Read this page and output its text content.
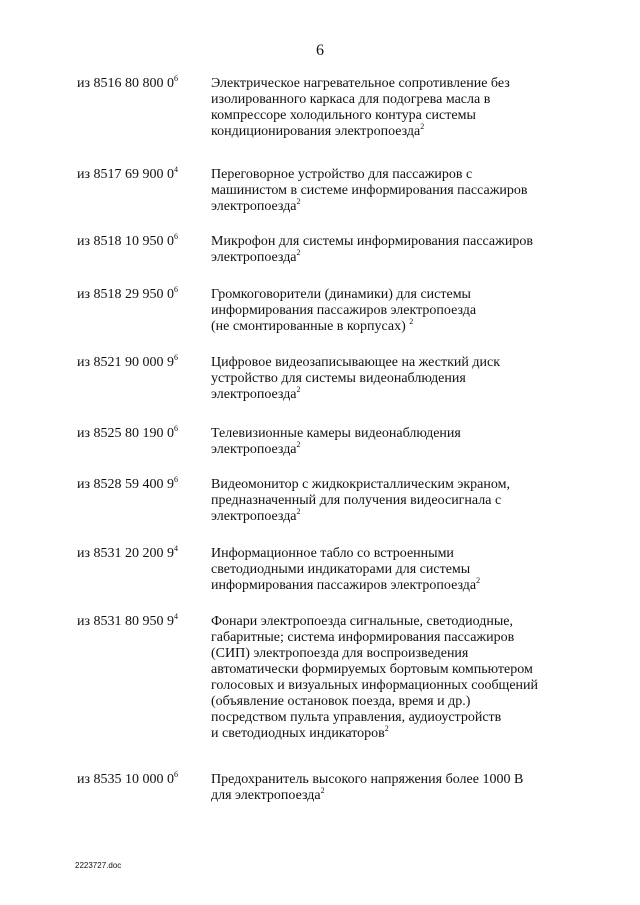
6
из 8516 80 800 $0^6$ Электрическое нагревательное сопротивление без
изолированного каркаса для подогрева масла в
компрессоре холодильного контура системы
кондиционирования электропоезда$^2$
из 8517 69 900 $0^4$ Переговорное устройство для пассажиров с
машинистом в системе информирования пассажиров
электропоезда$^2$
из 8518 10 950 $0^6$ Микрофон для системы информирования пассажиров
электропоезда$^2$
из 8518 29 950 $0^6$ Громкоговорители (динамики) для системы
информирования пассажиров электропоезда
(не смонтированные в корпусах) $^2$
из 8521 90 000 $9^6$ Цифровое видеозаписывающее на жесткий диск
устройство для системы видеонаблюдения
электропоезда$^2$
из 8525 80 190 $0^6$ Телевизионные камеры видеонаблюдения
электропоезда$^2$
из 8528 59 400 $9^6$ Видеомонитор с жидкокристаллическим экраном,
предназначенный для получения видеосигнала с
электропоезда$^2$
из 8531 20 200 $9^4$ Информационное табло со встроенными
светодиодными индикаторами для системы
информирования пассажиров электропоезда$^2$
из 8531 80 950 $9^4$ Фонари электропоезда сигнальные, светодиодные,
габаритные; система информирования пассажиров
(СИП) электропоезда для воспроизведения
автоматически формируемых бортовым компьютером
голосовых и визуальных информационных сообщений
(объявление остановок поезда, время и др.)
посредством пульта управления, аудиоустройств
и светодиодных индикаторов$^2$
из 8535 10 000 $0^6$ Предохранитель высокого напряжения более 1000 В
для электропоезда$^2$
2223727.doc
